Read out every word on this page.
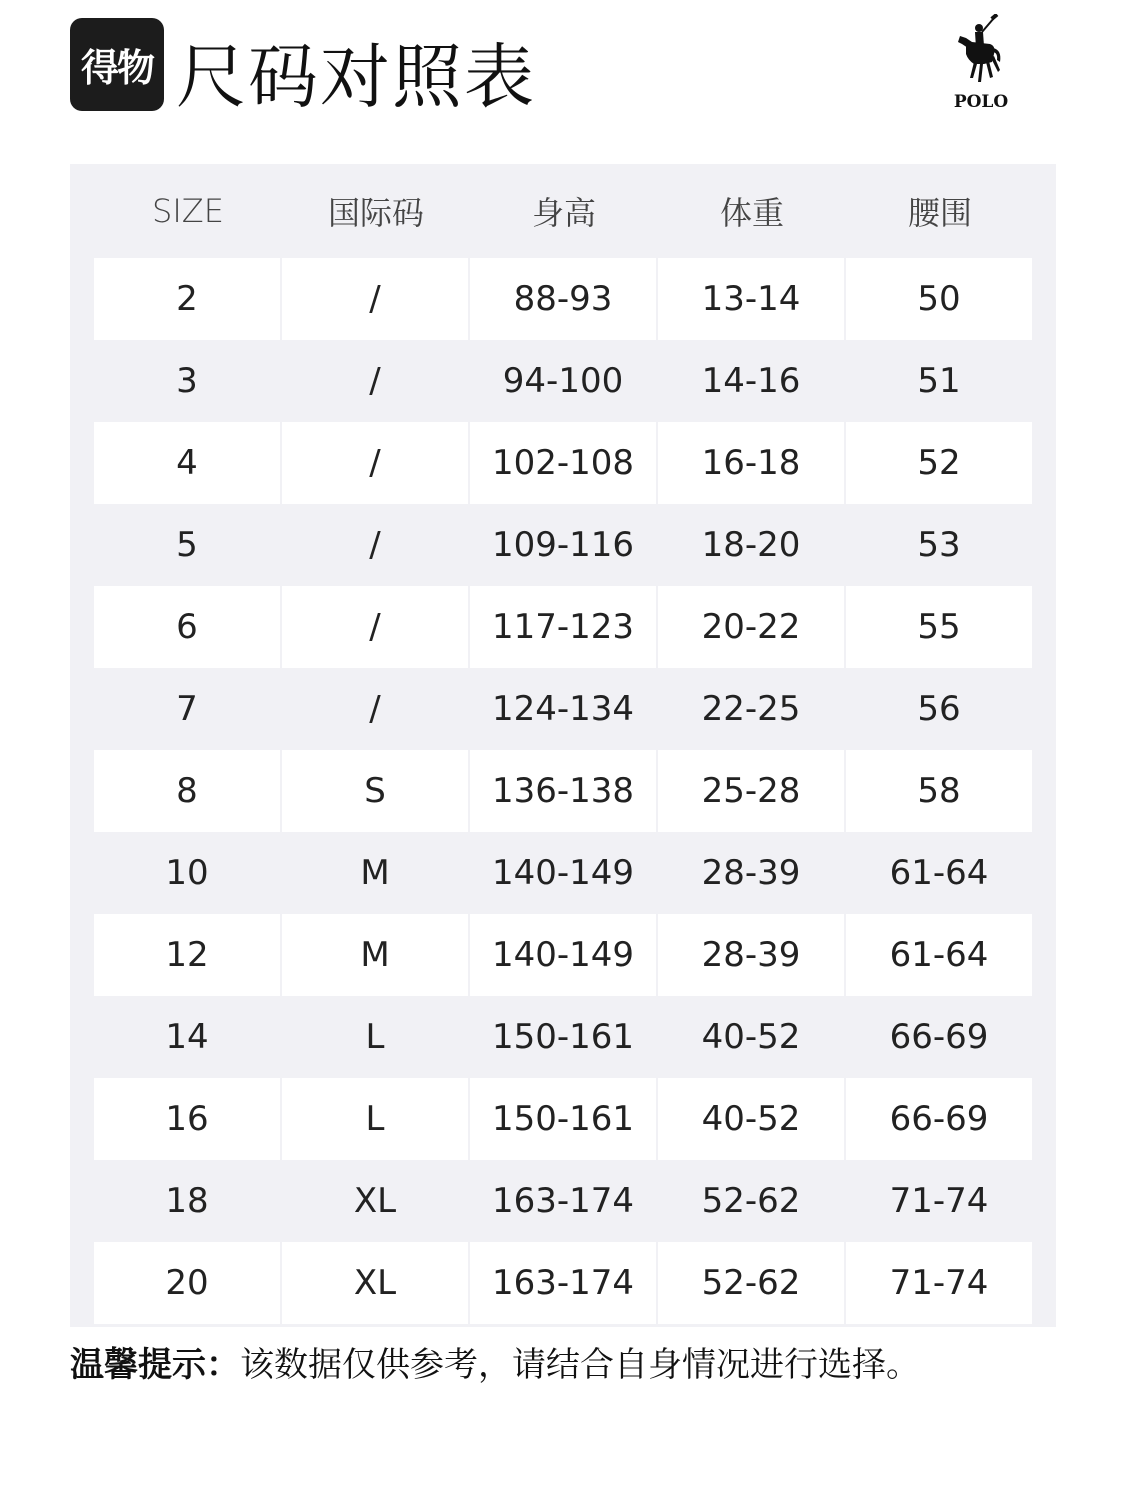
得物 尺码对照表	POLO
SIZE	国际码	身高	体重	腰围
2	/	88-93	13-14	50
3	/	94-100	14-16	51
4	/	102-108	16-18	52
5	/	109-116	18-20	53
6	/	117-123	20-22	55
7	/	124-134	22-25	56
8	S	136-138	25-28	58
10	M	140-149	28-39	61-64
12	M	140-149	28-39	61-64
14	L	150-161	40-52	66-69
16	L	150-161	40-52	66-69
18	XL	163-174	52-62	71-74
20	XL	163-174	52-62	71-74
温馨提示：该数据仅供参考，请结合自身情况进行选择。
